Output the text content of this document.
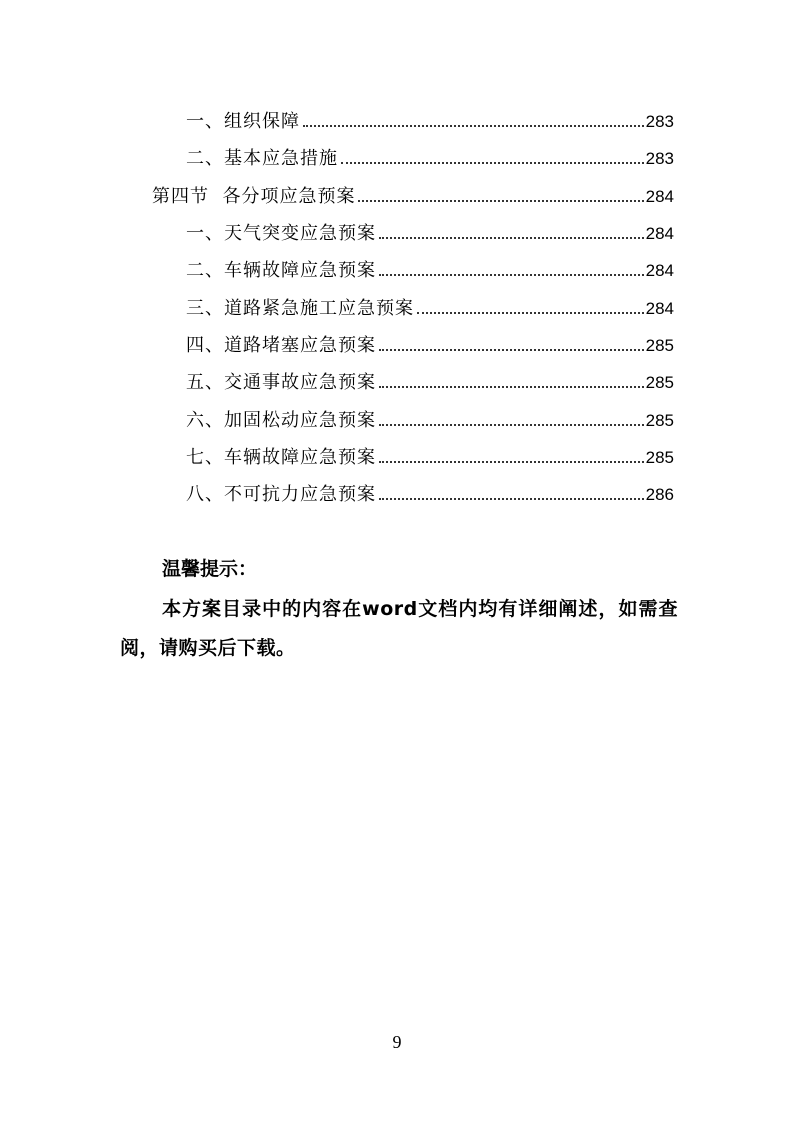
一、组织保障	283
二、基本应急措施	283
第四节  各分项应急预案	284
一、天气突变应急预案	284
二、车辆故障应急预案	284
三、道路紧急施工应急预案	284
四、道路堵塞应急预案	285
五、交通事故应急预案	285
六、加固松动应急预案	285
七、车辆故障应急预案	285
八、不可抗力应急预案	286
温馨提示：
本方案目录中的内容在word文档内均有详细阐述，如需查阅，请购买后下载。
9
